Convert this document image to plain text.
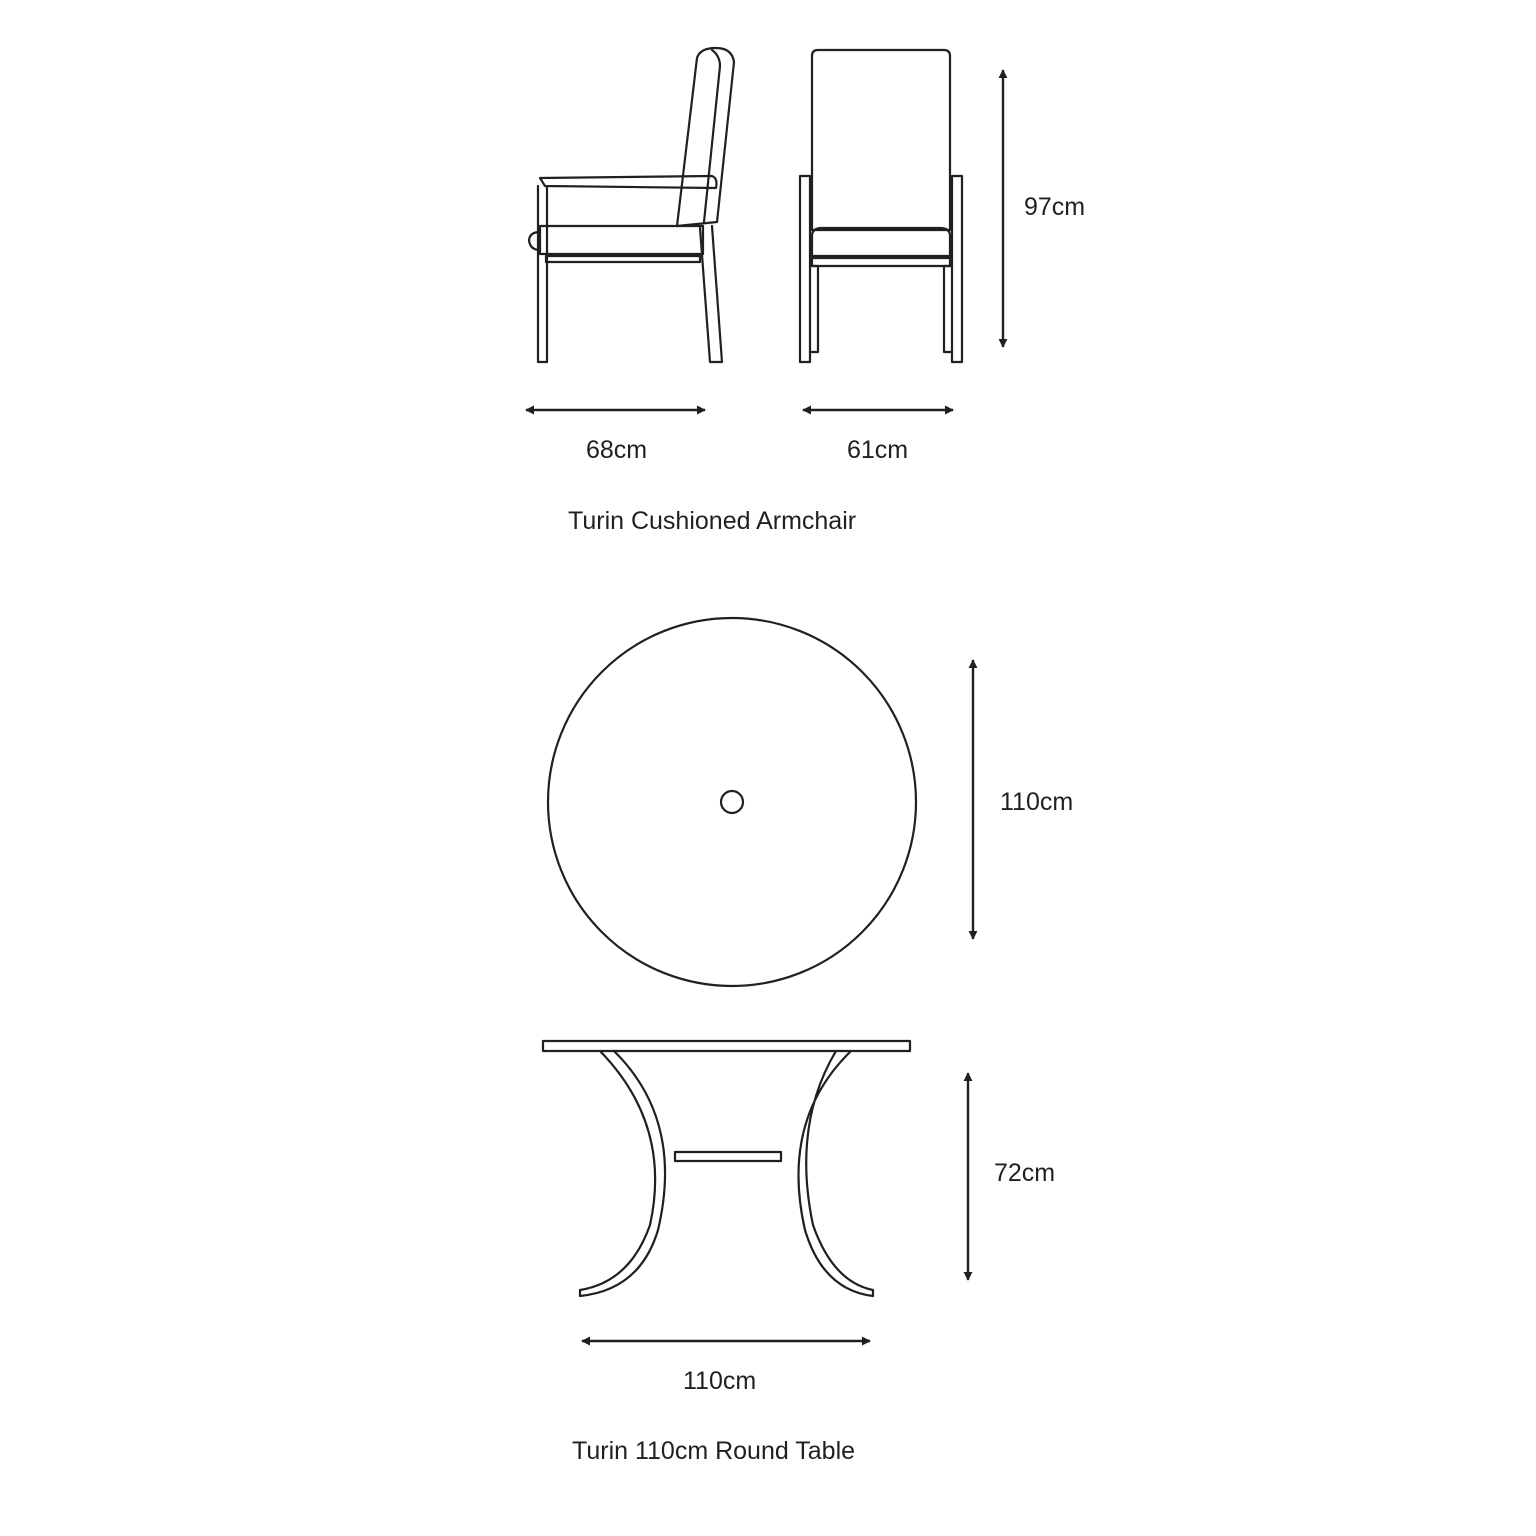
97cm
68cm	61cm
Turin Cushioned Armchair
110cm
72cm
110cm
Turin 110cm Round Table
